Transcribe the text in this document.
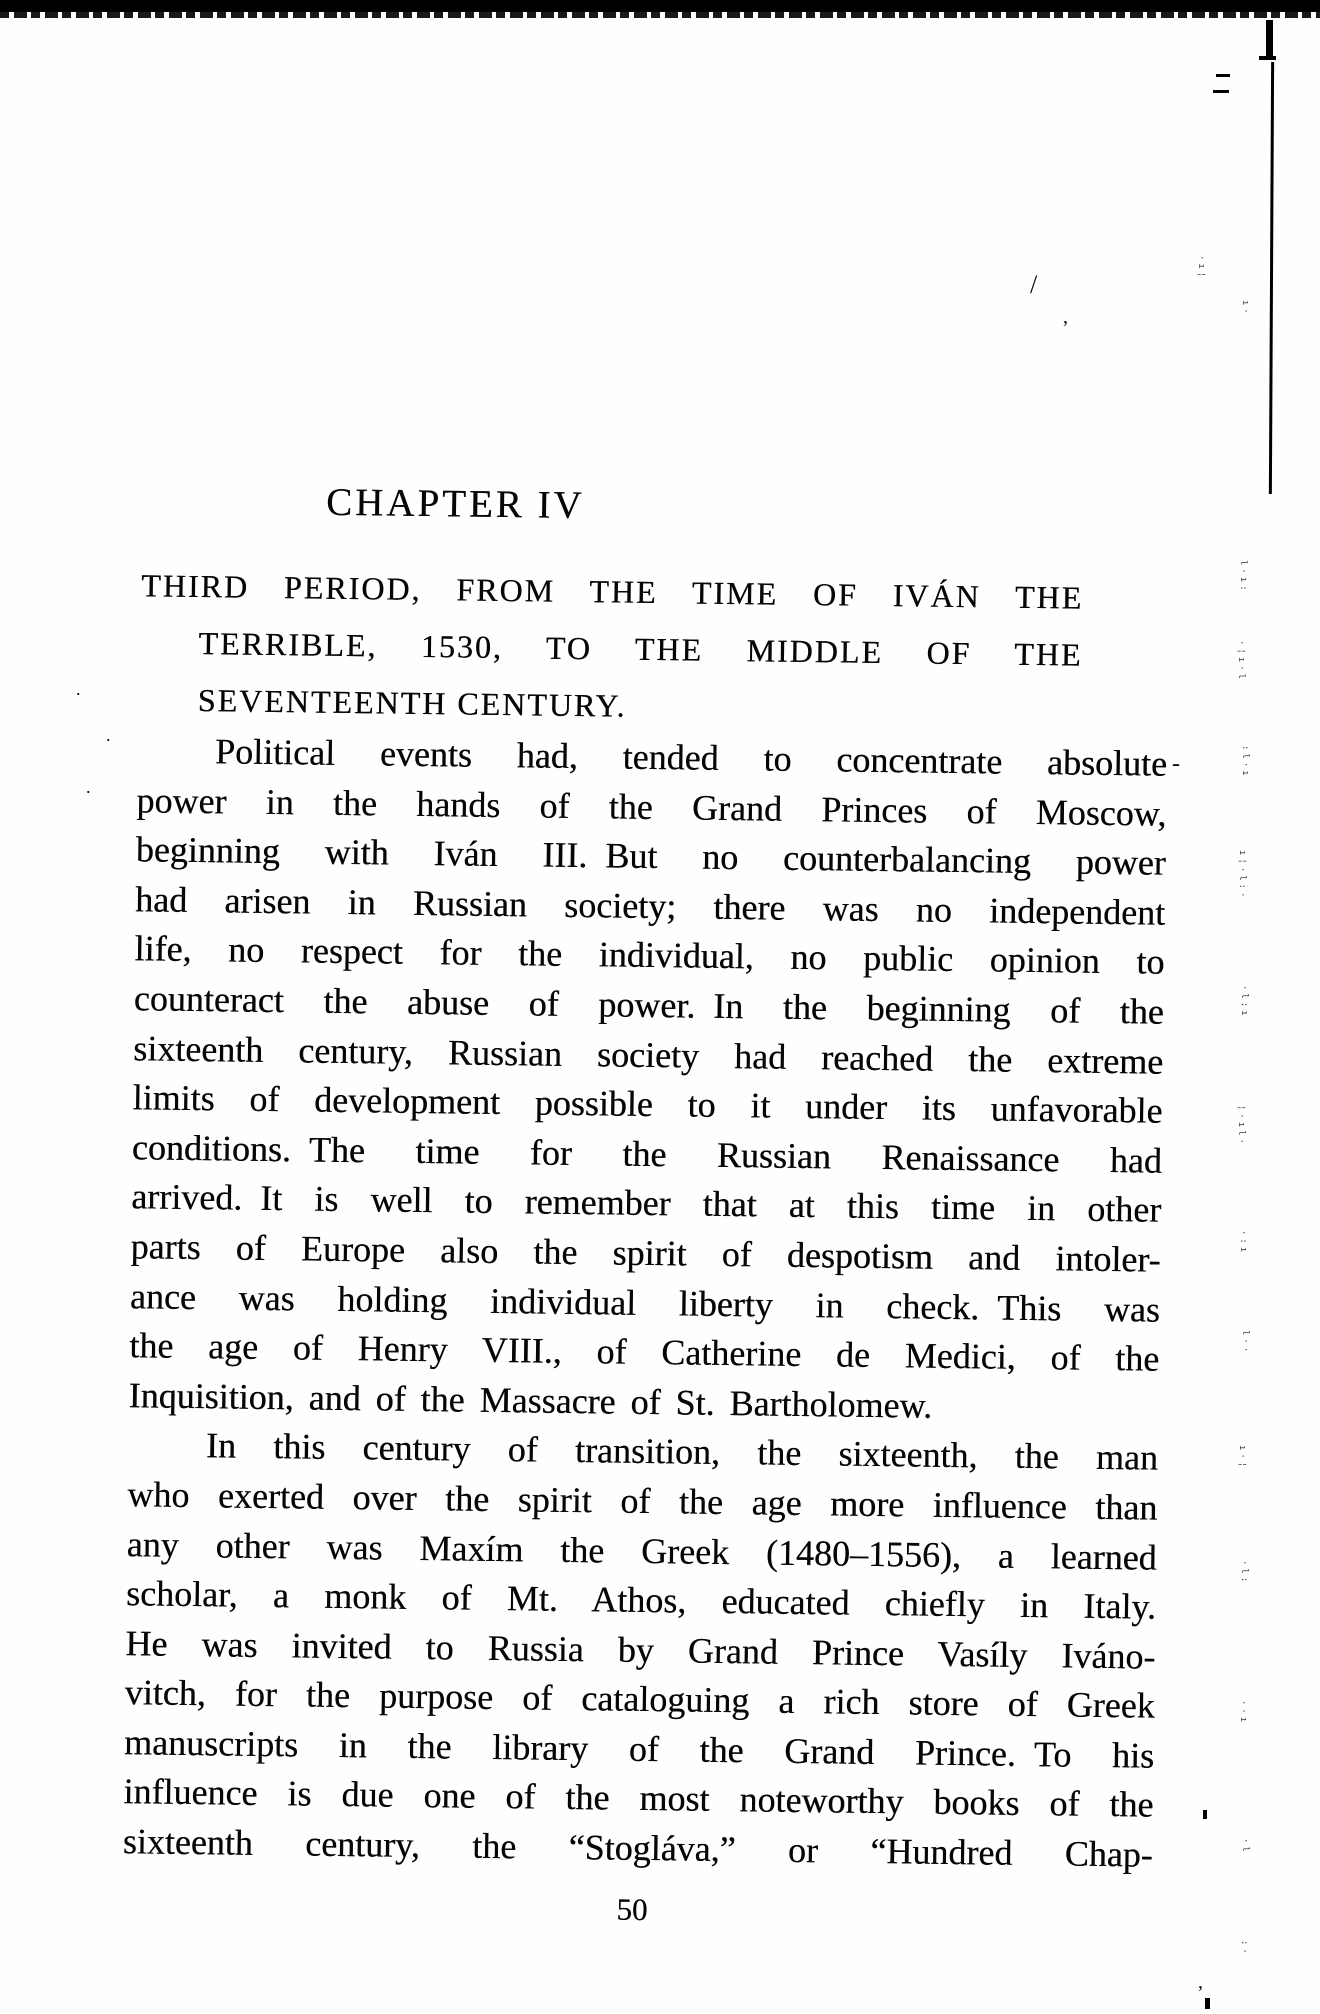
·ı¦
ı·
l·ı:
·¦ı·l
:l·ı
ı¦·l:·
·l:ı
¦·ıl·
·:ı
l··
ı·¦
·l:
··ı
·l
:·
/
’
.
.
.
-
,
CHAPTER IV
THIRD PERIOD, FROM THE TIME OF IVÁN THE
TERRIBLE, 1530, TO THE MIDDLE OF THE
SEVENTEENTH CENTURY.
Political events had, tended to concentrate absolute
power in the hands of the Grand Princes of Moscow,
beginning with Iván III. But no counterbalancing power
had arisen in Russian society; there was no independent
life, no respect for the individual, no public opinion to
counteract the abuse of power. In the beginning of the
sixteenth century, Russian society had reached the extreme
limits of development possible to it under its unfavorable
conditions. The time for the Russian Renaissance had
arrived. It is well to remember that at this time in other
parts of Europe also the spirit of despotism and intoler-
ance was holding individual liberty in check. This was
the age of Henry VIII., of Catherine de Medici, of the
Inquisition, and of the Massacre of St. Bartholomew.
In this century of transition, the sixteenth, the man
who exerted over the spirit of the age more influence than
any other was Maxím the Greek (1480–1556), a learned
scholar, a monk of Mt. Athos, educated chiefly in Italy.
He was invited to Russia by Grand Prince Vasíly Iváno-
vitch, for the purpose of cataloguing a rich store of Greek
manuscripts in the library of the Grand Prince. To his
influence is due one of the most noteworthy books of the
sixteenth century, the “Stogláva,” or “Hundred Chap-
50
